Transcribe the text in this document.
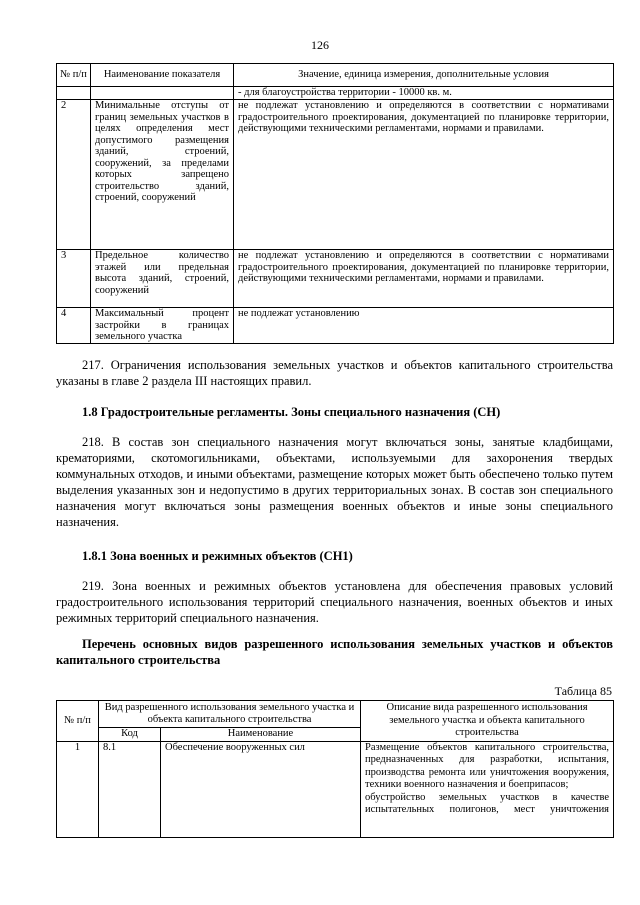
126
№ п/п	Наименование показателя	Значение, единица измерения, дополнительные условия
		- для благоустройства территории - 10000 кв. м.
2	Минимальные отступы от границ земельных участков в целях определения мест допустимого размещения зданий, строений, сооружений, за пределами которых запрещено строительство зданий, строений, сооружений	не подлежат установлению и определяются в соответствии с нормативами градостроительного проектирования, документацией по планировке территории, действующими техническими регламентами, нормами и правилами.
3	Предельное количество этажей или предельная высота зданий, строений, сооружений	не подлежат установлению и определяются в соответствии с нормативами градостроительного проектирования, документацией по планировке территории, действующими техническими регламентами, нормами и правилами.
4	Максимальный процент застройки в границах земельного участка	не подлежат установлению

217. Ограничения использования земельных участков и объектов капитального строительства указаны в главе 2 раздела III настоящих правил.

1.8 Градостроительные регламенты. Зоны специального назначения (СН)

218. В состав зон специального назначения могут включаться зоны, занятые кладбищами, крематориями, скотомогильниками, объектами, используемыми для захоронения твердых коммунальных отходов, и иными объектами, размещение которых может быть обеспечено только путем выделения указанных зон и недопустимо в других территориальных зонах. В состав зон специального назначения могут включаться зоны размещения военных объектов и иные зоны специального назначения.

1.8.1 Зона военных и режимных объектов (СН1)

219. Зона военных и режимных объектов установлена для обеспечения правовых условий градостроительного использования территорий специального назначения, военных объектов и иных режимных территорий специального назначения.

Перечень основных видов разрешенного использования земельных участков и объектов капитального строительства

Таблица 85
№ п/п	Вид разрешенного использования земельного участка и объекта капитального строительства		Описание вида разрешенного использования земельного участка и объекта капитального строительства
	Код	Наименование	
1	8.1	Обеспечение вооруженных сил	Размещение объектов капитального строительства, предназначенных для разработки, испытания, производства ремонта или уничтожения вооружения, техники военного назначения и боеприпасов;
обустройство земельных участков в качестве испытательных полигонов, мест уничтожения
